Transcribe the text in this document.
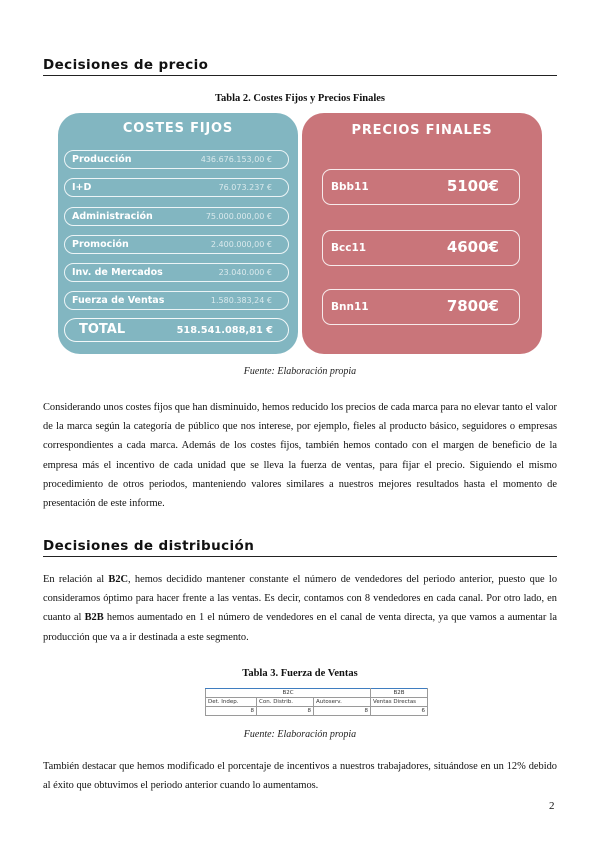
Decisiones de precio
Tabla 2. Costes Fijos y Precios Finales
COSTES FIJOS
Producción	436.676.153,00 €
I+D	76.073.237 €
Administración	75.000.000,00 €
Promoción	2.400.000,00 €
Inv. de Mercados	23.040.000 €
Fuerza de Ventas	1.580.383,24 €
TOTAL	518.541.088,81 €
PRECIOS FINALES
Bbb11	5100€
Bcc11	4600€
Bnn11	7800€
Fuente: Elaboración propia
Considerando unos costes fijos que han disminuido, hemos reducido los precios de cada marca para no elevar tanto el valor de la marca según la categoría de público que nos interese, por ejemplo, fieles al producto básico, seguidores o empresas correspondientes a cada marca. Además de los costes fijos, también hemos contado con el margen de beneficio de la empresa más el incentivo de cada unidad que se lleva la fuerza de ventas, para fijar el precio. Siguiendo el mismo procedimiento de otros periodos, manteniendo valores similares a nuestros mejores resultados hasta el momento de presentación de este informe.
Decisiones de distribución
En relación al B2C, hemos decidido mantener constante el número de vendedores del periodo anterior, puesto que lo consideramos óptimo para hacer frente a las ventas. Es decir, contamos con 8 vendedores en cada canal. Por otro lado, en cuanto al B2B hemos aumentado en 1 el número de vendedores en el canal de venta directa, ya que vamos a aumentar la producción que va a ir destinada a este segmento.
Tabla 3. Fuerza de Ventas
B2C			B2B
Det. Indep.	Con. Distrib.	Autoserv.	Ventas Directas
8	8	8	6
Fuente: Elaboración propia
También destacar que hemos modificado el porcentaje de incentivos a nuestros trabajadores, situándose en un 12% debido al éxito que obtuvimos el periodo anterior cuando lo aumentamos.
2
